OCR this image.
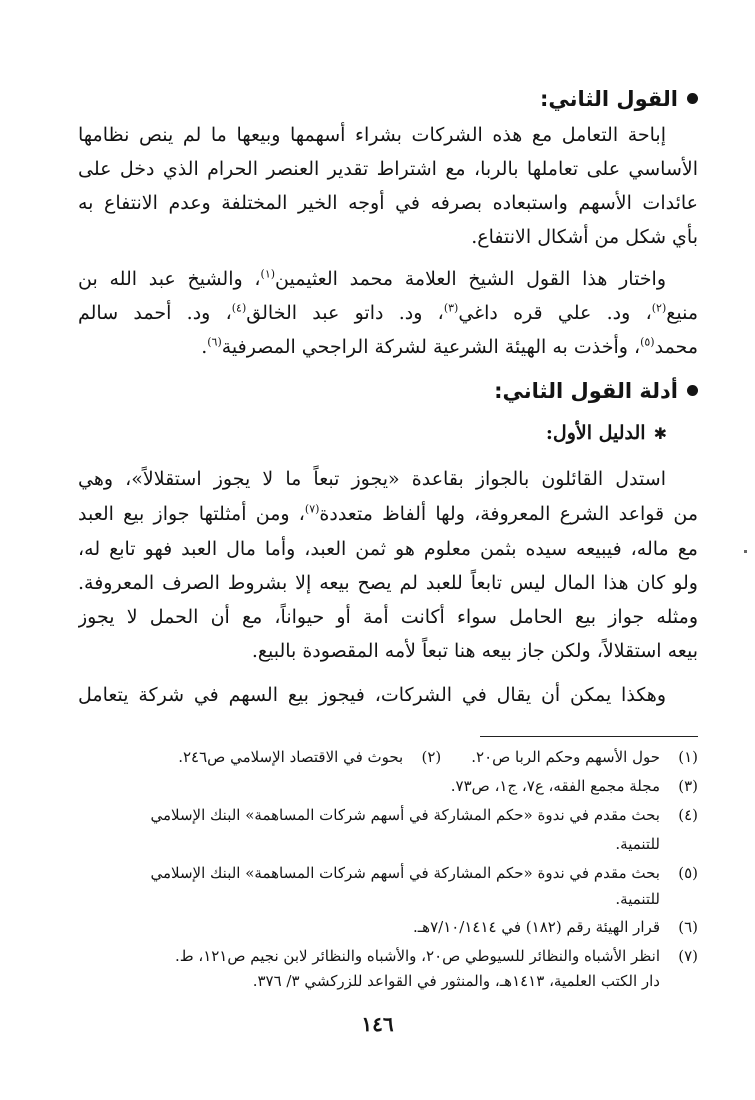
القول الثاني:
إباحة التعامل مع هذه الشركات بشراء أسهمها وبيعها ما لم ينص نظامها
الأساسي على تعاملها بالربا، مع اشتراط تقدير العنصر الحرام الذي دخل على
عائدات الأسهم واستبعاده بصرفه في أوجه الخير المختلفة وعدم الانتفاع به
بأي شكل من أشكال الانتفاع.
واختار هذا القول الشيخ العلامة محمد العثيمين$^{(١)}$، والشيخ عبد الله بن
منيع$^{(٢)}$، ود. علي قره داغي$^{(٣)}$، ود. داتو عبد الخالق$^{(٤)}$، ود. أحمد سالم
محمد$^{(٥)}$، وأخذت به الهيئة الشرعية لشركة الراجحي المصرفية$^{(٦)}$.
أدلة القول الثاني:
✱الدليل الأول:
استدل القائلون بالجواز بقاعدة «يجوز تبعاً ما لا يجوز استقلالاً»، وهي
من قواعد الشرع المعروفة، ولها ألفاظ متعددة$^{(٧)}$، ومن أمثلتها جواز بيع العبد
مع ماله، فيبيعه سيده بثمن معلوم هو ثمن العبد، وأما مال العبد فهو تابع له،
ولو كان هذا المال ليس تابعاً للعبد لم يصح بيعه إلا بشروط الصرف المعروفة.
ومثله جواز بيع الحامل سواء أكانت أمة أو حيواناً، مع أن الحمل لا يجوز
بيعه استقلالاً، ولكن جاز بيعه هنا تبعاً لأمه المقصودة بالبيع.
وهكذا يمكن أن يقال في الشركات، فيجوز بيع السهم في شركة يتعامل
(١)حول الأسهم وحكم الربا ص٢٠.(٢)بحوث في الاقتصاد الإسلامي ص٢٤٦.
(٣)مجلة مجمع الفقه، ع٧، ج١، ص٧٣.
(٤)بحث مقدم في ندوة «حكم المشاركة في أسهم شركات المساهمة» البنك الإسلامي
للتنمية.
(٥)بحث مقدم في ندوة «حكم المشاركة في أسهم شركات المساهمة» البنك الإسلامي
للتنمية.
(٦)قرار الهيئة رقم (١٨٢) في ٧/١٠/١٤١٤هـ.
(٧)انظر الأشباه والنظائر للسيوطي ص٢٠، والأشباه والنظائر لابن نجيم ص١٢١، ط.
دار الكتب العلمية، ١٤١٣هـ، والمنثور في القواعد للزركشي ٣/ ٣٧٦.
١٤٦
